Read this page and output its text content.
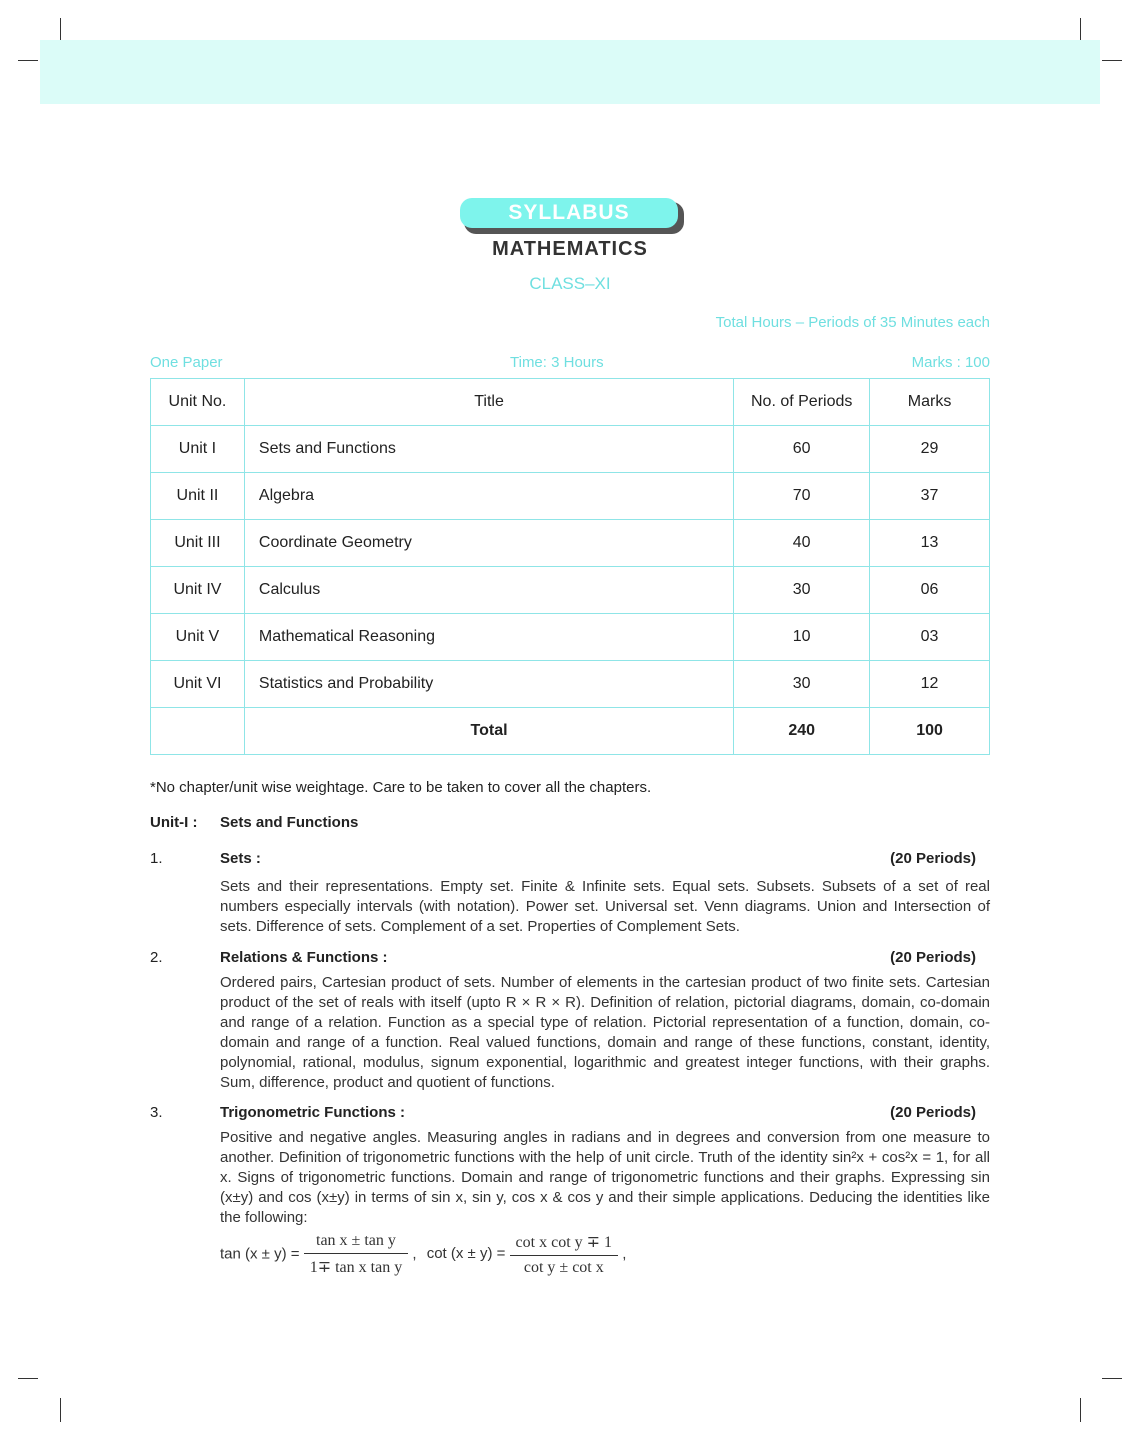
SYLLABUS
MATHEMATICS
CLASS–XI
Total Hours – Periods of 35 Minutes each
One Paper	Time: 3 Hours	Marks : 100
Unit No.	Title	No. of Periods	Marks
Unit I	Sets and Functions	60	29
Unit II	Algebra	70	37
Unit III	Coordinate Geometry	40	13
Unit IV	Calculus	30	06
Unit V	Mathematical Reasoning	10	03
Unit VI	Statistics and Probability	30	12
	Total	240	100
*No chapter/unit wise weightage. Care to be taken to cover all the chapters.
Unit-I : Sets and Functions
1.	Sets :	(20 Periods)
Sets and their representations. Empty set. Finite & Infinite sets. Equal sets. Subsets. Subsets of a set of real numbers especially intervals (with notation). Power set. Universal set. Venn diagrams. Union and Intersection of sets. Difference of sets. Complement of a set. Properties of Complement Sets.
2.	Relations & Functions :	(20 Periods)
Ordered pairs, Cartesian product of sets. Number of elements in the cartesian product of two finite sets. Cartesian product of the set of reals with itself (upto R × R × R). Definition of relation, pictorial diagrams, domain, co-domain and range of a relation. Function as a special type of relation. Pictorial representation of a function, domain, co-domain and range of a function. Real valued functions, domain and range of these functions, constant, identity, polynomial, rational, modulus, signum exponential, logarithmic and greatest integer functions, with their graphs. Sum, difference, product and quotient of functions.
3.	Trigonometric Functions :	(20 Periods)
Positive and negative angles. Measuring angles in radians and in degrees and conversion from one measure to another. Definition of trigonometric functions with the help of unit circle. Truth of the identity sin²x + cos²x = 1, for all x. Signs of trigonometric functions. Domain and range of trigonometric functions and their graphs. Expressing sin (x±y) and cos (x±y) in terms of sin x, sin y, cos x & cos y and their simple applications. Deducing the identities like the following:
$\tan (x \pm y) = \frac{\text{tan x ± tan y}}{\text{1∓ tan x tan y}}$ , $\cot (x \pm y) = \frac{\text{cot x cot y ∓ 1}}{\text{cot y ± cot x}}$ ,
